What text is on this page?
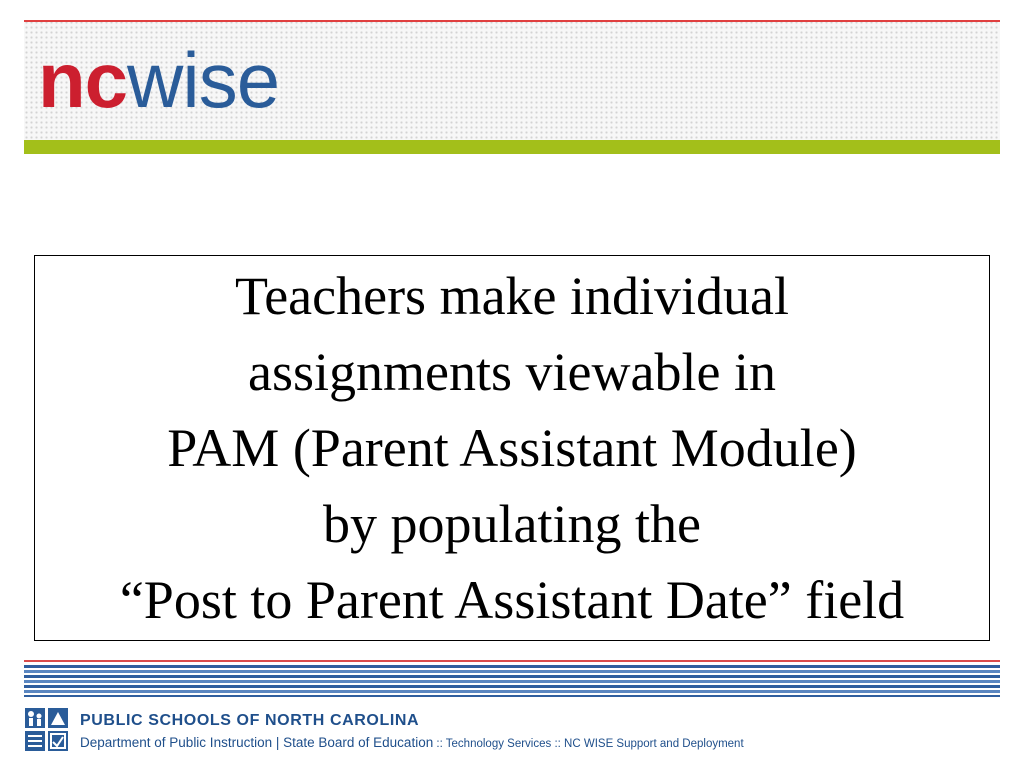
ncwise

Teachers make individual
assignments viewable in
PAM (Parent Assistant Module)
by populating the
“Post to Parent Assistant Date” field

PUBLIC SCHOOLS OF NORTH CAROLINA
Department of Public Instruction | State Board of Education :: Technology Services :: NC WISE Support and Deployment
